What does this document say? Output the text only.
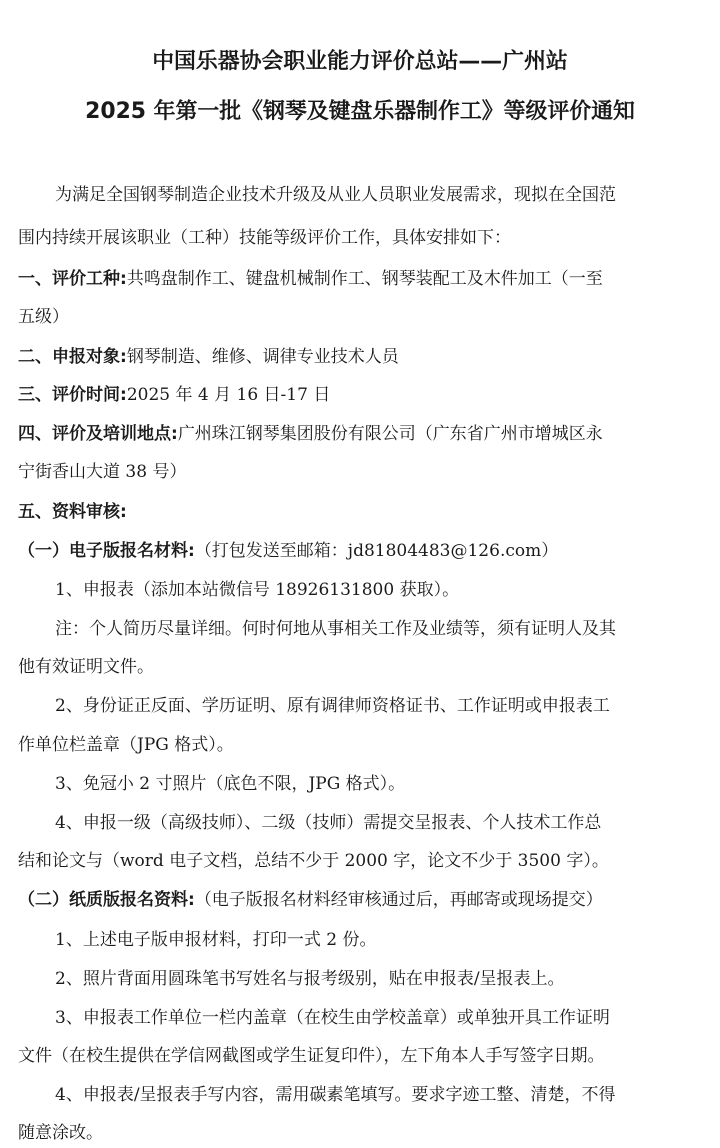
中国乐器协会职业能力评价总站——广州站
2025 年第一批《钢琴及键盘乐器制作工》等级评价通知
为满足全国钢琴制造企业技术升级及从业人员职业发展需求，现拟在全国范
围内持续开展该职业（工种）技能等级评价工作，具体安排如下：
一、评价工种:共鸣盘制作工、键盘机械制作工、钢琴装配工及木件加工（一至
五级）
二、申报对象:钢琴制造、维修、调律专业技术人员
三、评价时间:2025 年 4 月 16 日-17 日
四、评价及培训地点:广州珠江钢琴集团股份有限公司（广东省广州市增城区永
宁街香山大道 38 号）
五、资料审核:
（一）电子版报名材料:（打包发送至邮箱：jd81804483@126.com）
1、申报表（添加本站微信号 18926131800 获取）。
注：个人简历尽量详细。何时何地从事相关工作及业绩等，须有证明人及其
他有效证明文件。
2、身份证正反面、学历证明、原有调律师资格证书、工作证明或申报表工
作单位栏盖章（JPG 格式）。
3、免冠小 2 寸照片（底色不限，JPG 格式）。
4、申报一级（高级技师）、二级（技师）需提交呈报表、个人技术工作总
结和论文与（word 电子文档，总结不少于 2000 字，论文不少于 3500 字）。
（二）纸质版报名资料:（电子版报名材料经审核通过后，再邮寄或现场提交）
1、上述电子版申报材料，打印一式 2 份。
2、照片背面用圆珠笔书写姓名与报考级别，贴在申报表/呈报表上。
3、申报表工作单位一栏内盖章（在校生由学校盖章）或单独开具工作证明
文件（在校生提供在学信网截图或学生证复印件），左下角本人手写签字日期。
4、申报表/呈报表手写内容，需用碳素笔填写。要求字迹工整、清楚，不得
随意涂改。
